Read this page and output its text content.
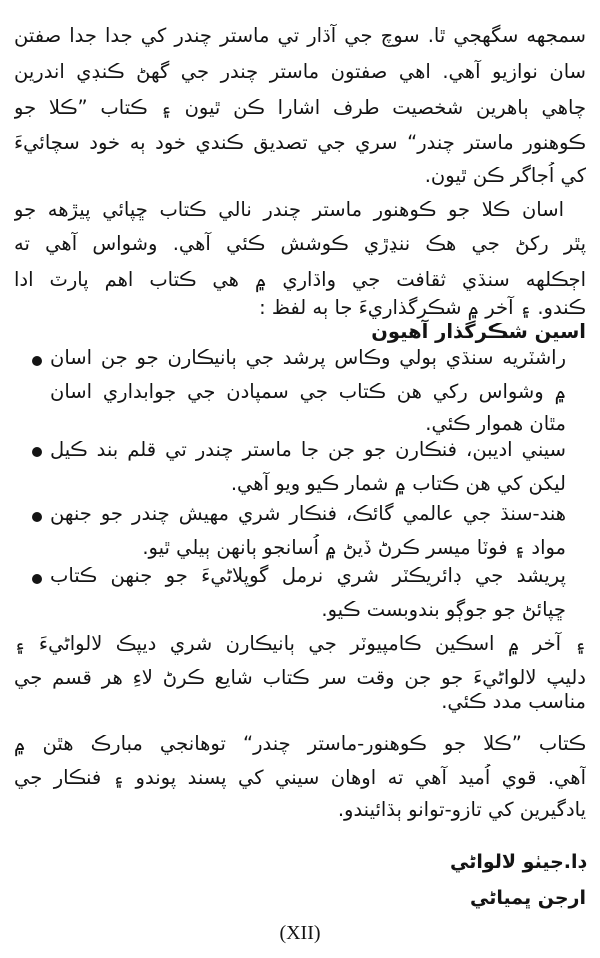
سمجهه سگهجي ٿا. سوچ جي آڌار تي ماستر چندر کي جدا جدا صفتن
سان نوازيو آهي. اهي صفتون ماستر چندر جي گهڻ ڪنڊي اندرين
چاهي ٻاهرين شخصيت طرف اشارا ڪن ٿيون ۽ ڪتاب ”ڪلا جو
ڪوهنور ماستر چندر“ سري جي تصديق ڪندي خود ٻه خود سچائيءَ
کي اُجاگر ڪن ٿيون.
اسان ڪلا جو ڪوهنور ماستر چندر نالي ڪتاب ڇپائي پيڙهه جو
پٿر رکڻ جي هڪ ننڍڙي ڪوشش ڪئي آهي. وشواس آهي ته
اڄڪلهه سنڌي ثقافت جي واڌاري ۾ هي ڪتاب اهم پارٽ ادا
ڪندو. ۽ آخر ۾ شڪرگذاريءَ جا ٻه لفظ :
اسين شڪرگذار آهيون
راشٽريه سنڌي ٻولي وڪاس پرشد جي ٻانيڪارن جو جن اسان
۾ وشواس رکي هن ڪتاب جي سمپادن جي جوابداري اسان
مٿان هموار ڪئي.
سيني اديبن، فنڪارن جو جن جا ماستر چندر تي قلم بند ڪيل
ليکن کي هن ڪتاب ۾ شمار ڪيو ويو آهي.
هند-سنڌ جي عالمي گائڪ، فنڪار شري مهيش چندر جو جنهن
مواد ۽ فوٽا ميسر ڪرڻ ڏيڻ ۾ اُسانجو ٻانهن ٻيلي ٿيو.
پريشد جي ڊائريڪٽر شري نرمل گوپلاڻيءَ جو جنهن ڪتاب
ڇپائڻ جو جوڳو بندوبست ڪيو.
۽ آخر ۾ اسڪين ڪامپيوٽر جي ٻانيڪارن شري ديپڪ لالواڻيءَ ۽
دليپ لالواڻيءَ جو جن وقت سر ڪتاب شايع ڪرڻ لاءِ هر قسم جي
مناسب مدد ڪئي.
ڪتاب ”ڪلا جو ڪوهنور-ماستر چندر“ توهانجي مبارڪ هٿن ۾
آهي. قوي اُميد آهي ته اوهان سيني کي پسند پوندو ۽ فنڪار جي
يادگيرين کي تازو-توانو ٻڌائيندو.
ڊا.جيٺو لالواڻي
ارجن ڀمياڻي
(XII)
